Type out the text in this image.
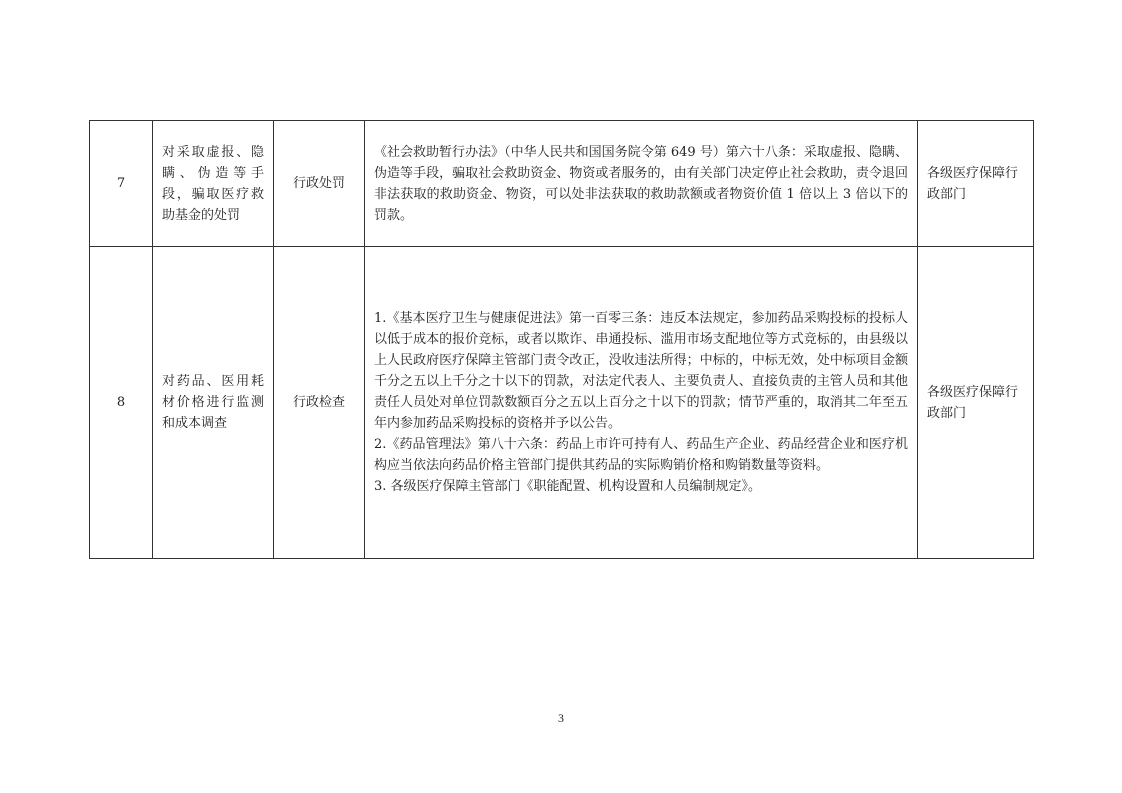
7	对采取虚报、隐瞒、伪造等手段，骗取医疗救助基金的处罚	行政处罚	《社会救助暂行办法》（中华人民共和国国务院令第 649 号）第六十八条：采取虚报、隐瞒、伪造等手段，骗取社会救助资金、物资或者服务的，由有关部门决定停止社会救助，责令退回非法获取的救助资金、物资，可以处非法获取的救助款额或者物资价值 1 倍以上 3 倍以下的罚款。	各级医疗保障行政部门
8	对药品、医用耗材价格进行监测和成本调查	行政检查	1.《基本医疗卫生与健康促进法》第一百零三条：违反本法规定，参加药品采购投标的投标人以低于成本的报价竞标，或者以欺诈、串通投标、滥用市场支配地位等方式竞标的，由县级以上人民政府医疗保障主管部门责令改正，没收违法所得；中标的，中标无效，处中标项目金额千分之五以上千分之十以下的罚款，对法定代表人、主要负责人、直接负责的主管人员和其他责任人员处对单位罚款数额百分之五以上百分之十以下的罚款；情节严重的，取消其二年至五年内参加药品采购投标的资格并予以公告。
2.《药品管理法》第八十六条：药品上市许可持有人、药品生产企业、药品经营企业和医疗机构应当依法向药品价格主管部门提供其药品的实际购销价格和购销数量等资料。
3. 各级医疗保障主管部门《职能配置、机构设置和人员编制规定》。	各级医疗保障行政部门
3
